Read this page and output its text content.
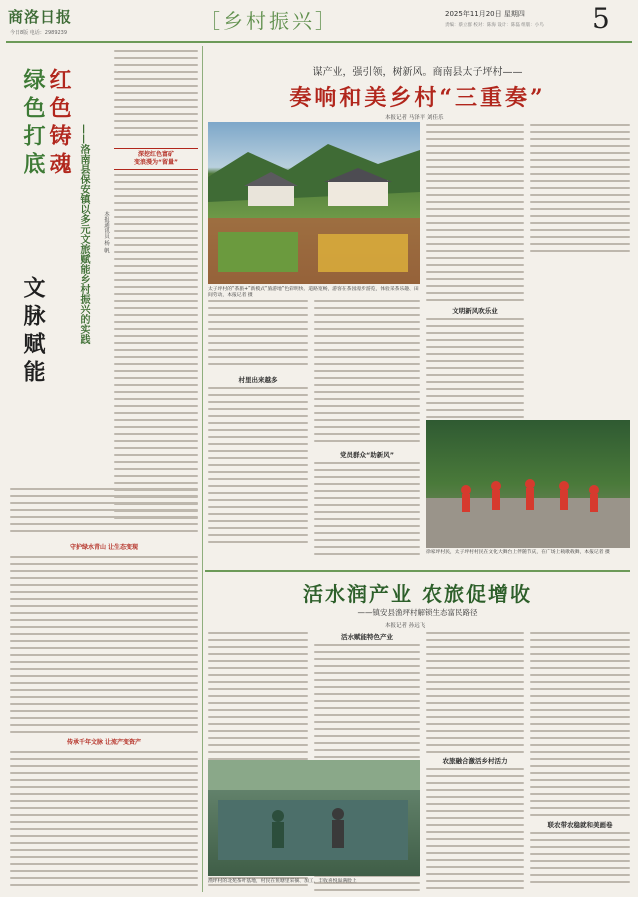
商洛日报
今日8版 电话：2989239	［乡村振兴］	2025年11月20日 星期四
责编：蔡立群 校对：陈海 设计：陈磊 组版：小鸟 5
红色铸魂
绿色打底
文脉赋能	——洛南县保安镇以多元文旅赋能乡村振兴的实践	本报通讯员 杨 帆
深挖红色富矿
变浪漫为“留量”
守护绿水青山 让生态变现
传承千年文脉 让流产变资产
谋产业，强引领，树新风。商南县太子坪村——
奏响和美乡村“三重奏”
本报记者 马泽平 刘佳乐
太子坪村的“茶旅+”新模式“旅游地”色彩明快、道路宽畅，游客在茶园漫步游览，体验采茶乐趣、田间劳动，本报记者 摄
文明新风吹乐业
村里出来越多
党员群众“助新风”
徐家坪村民，太子坪村村民在文化大舞台上伴随节庆，在广场上载歌载舞，本报记者 摄
活水润产业 农旅促增收
——镇安县渔坪村解锁生态富民路径
本报记者 孙远飞
活水赋能特色产业
农旅融合激活乡村活力
联农带农稳就和美画卷
渔坪村的北苑茶叶基地，村民在鱼塘里采摘、加工，丰收喜悦溢满脸上
